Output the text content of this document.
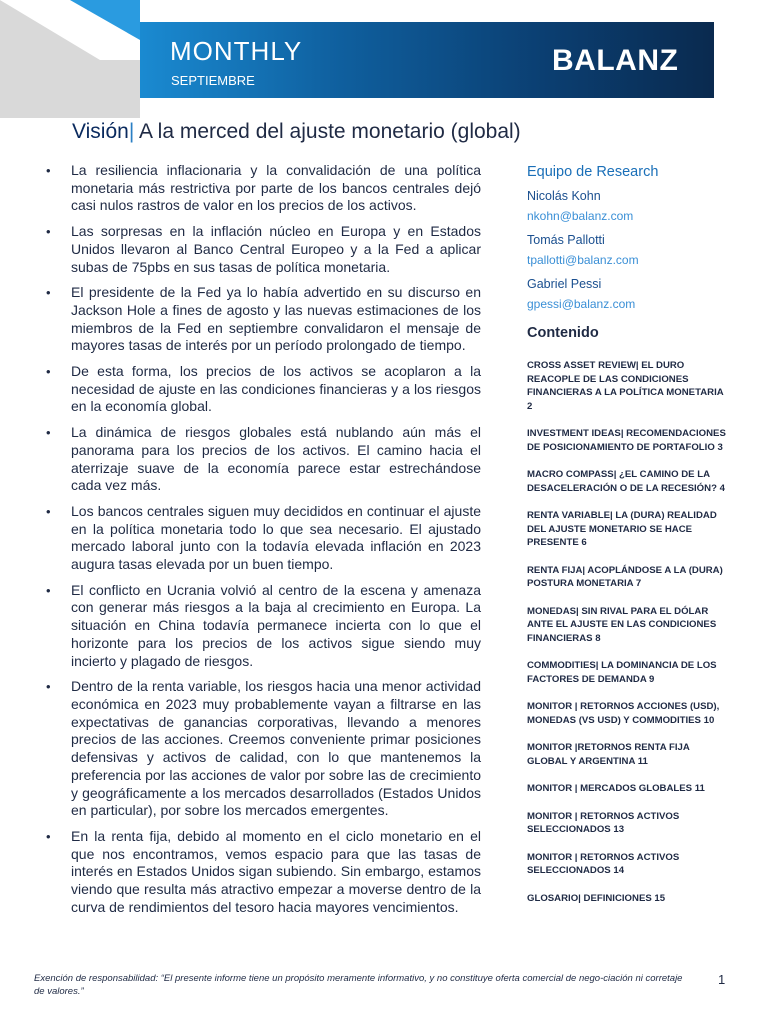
MONTHLY
SEPTIEMBRE
BALANZ
Visión| A la merced del ajuste monetario (global)
• La resiliencia inflacionaria y la convalidación de una política monetaria más restrictiva por parte de los bancos centrales dejó casi nulos rastros de valor en los precios de los activos.
• Las sorpresas en la inflación núcleo en Europa y en Estados Unidos llevaron al Banco Central Europeo y a la Fed a aplicar subas de 75pbs en sus tasas de política monetaria.
• El presidente de la Fed ya lo había advertido en su discurso en Jackson Hole a fines de agosto y las nuevas estimaciones de los miembros de la Fed en septiembre convalidaron el mensaje de mayores tasas de interés por un período prolongado de tiempo.
• De esta forma, los precios de los activos se acoplaron a la necesidad de ajuste en las condiciones financieras y a los riesgos en la economía global.
• La dinámica de riesgos globales está nublando aún más el panorama para los precios de los activos. El camino hacia el aterrizaje suave de la economía parece estar estrechándose cada vez más.
• Los bancos centrales siguen muy decididos en continuar el ajuste en la política monetaria todo lo que sea necesario. El ajustado mercado laboral junto con la todavía elevada inflación en 2023 augura tasas elevada por un buen tiempo.
• El conflicto en Ucrania volvió al centro de la escena y amenaza con generar más riesgos a la baja al crecimiento en Europa. La situación en China todavía permanece incierta con lo que el horizonte para los precios de los activos sigue siendo muy incierto y plagado de riesgos.
• Dentro de la renta variable, los riesgos hacia una menor actividad económica en 2023 muy probablemente vayan a filtrarse en las expectativas de ganancias corporativas, llevando a menores precios de las acciones. Creemos conveniente primar posiciones defensivas y activos de calidad, con lo que mantenemos la preferencia por las acciones de valor por sobre las de crecimiento y geográficamente a los mercados desarrollados (Estados Unidos en particular), por sobre los mercados emergentes.
• En la renta fija, debido al momento en el ciclo monetario en el que nos encontramos, vemos espacio para que las tasas de interés en Estados Unidos sigan subiendo. Sin embargo, estamos viendo que resulta más atractivo empezar a moverse dentro de la curva de rendimientos del tesoro hacia mayores vencimientos.
Equipo de Research
Nicolás Kohn
nkohn@balanz.com
Tomás Pallotti
tpallotti@balanz.com
Gabriel Pessi
gpessi@balanz.com
Contenido
CROSS ASSET REVIEW| EL DURO REACOPLE DE LAS CONDICIONES FINANCIERAS A LA POLÍTICA MONETARIA 2
INVESTMENT IDEAS| RECOMENDACIONES DE POSICIONAMIENTO DE PORTAFOLIO 3
MACRO COMPASS| ¿EL CAMINO DE LA DESACELERACIÓN O DE LA RECESIÓN? 4
RENTA VARIABLE| LA (DURA) REALIDAD DEL AJUSTE MONETARIO SE HACE PRESENTE 6
RENTA FIJA| ACOPLÁNDOSE A LA (DURA) POSTURA MONETARIA 7
MONEDAS| SIN RIVAL PARA EL DÓLAR ANTE EL AJUSTE EN LAS CONDICIONES FINANCIERAS 8
COMMODITIES| LA DOMINANCIA DE LOS FACTORES DE DEMANDA 9
MONITOR | RETORNOS ACCIONES (USD), MONEDAS (VS USD) Y COMMODITIES 10
MONITOR |RETORNOS RENTA FIJA GLOBAL Y ARGENTINA 11
MONITOR | MERCADOS GLOBALES 11
MONITOR | RETORNOS ACTIVOS SELECCIONADOS 13
MONITOR | RETORNOS ACTIVOS SELECCIONADOS 14
GLOSARIO| DEFINICIONES 15
Exención de responsabilidad: “El presente informe tiene un propósito meramente informativo, y no constituye oferta comercial de nego-ciación ni corretaje de valores.”
1
